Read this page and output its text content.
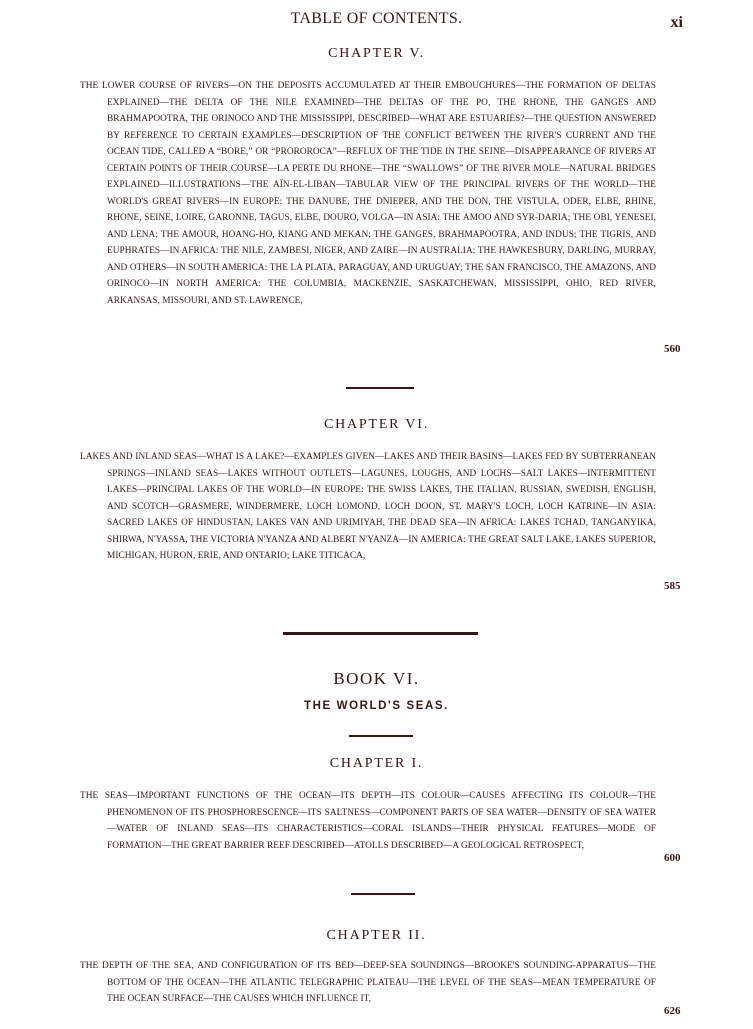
TABLE OF CONTENTS.	xi
CHAPTER V.

THE LOWER COURSE OF RIVERS—ON THE DEPOSITS ACCUMULATED AT THEIR EMBOUCHURES—THE FORMATION OF DELTAS EXPLAINED—THE DELTA OF THE NILE EXAMINED—THE DELTAS OF THE PO, THE RHONE, THE GANGES AND BRAHMAPOOTRA, THE ORINOCO AND THE MISSISSIPPI, DESCRIBED—WHAT ARE ESTUARIES?—THE QUESTION ANSWERED BY REFERENCE TO CERTAIN EXAMPLES—DESCRIPTION OF THE CONFLICT BETWEEN THE RIVER'S CURRENT AND THE OCEAN TIDE, CALLED A “BORE,” OR “PROROROCA”—REFLUX OF THE TIDE IN THE SEINE—DISAPPEARANCE OF RIVERS AT CERTAIN POINTS OF THEIR COURSE—LA PERTE DU RHONE—THE “SWALLOWS” OF THE RIVER MOLE—NATURAL BRIDGES EXPLAINED—ILLUSTRATIONS—THE AÏN-EL-LIBAN—TABULAR VIEW OF THE PRINCIPAL RIVERS OF THE WORLD—THE WORLD'S GREAT RIVERS—IN EUROPE: THE DANUBE, THE DNIEPER, AND THE DON, THE VISTULA, ODER, ELBE, RHINE, RHONE, SEINE, LOIRE, GARONNE, TAGUS, ELBE, DOURO, VOLGA—IN ASIA: THE AMOO AND SYR-DARIA; THE OBI, YENESEI, AND LENA; THE AMOUR, HOANG-HO, KIANG AND MEKAN: THE GANGES, BRAHMAPOOTRA, AND INDUS; THE TIGRIS, AND EUPHRATES—IN AFRICA: THE NILE, ZAMBESI, NIGER, AND ZAIRE—IN AUSTRALIA: THE HAWKESBURY, DARLING, MURRAY, AND OTHERS—IN SOUTH AMERICA: THE LA PLATA, PARAGUAY, AND URUGUAY; THE SAN FRANCISCO, THE AMAZONS, AND ORINOCO—IN NORTH AMERICA: THE COLUMBIA, MACKENZIE, SASKATCHEWAN, MISSISSIPPI, OHIO, RED RIVER, ARKANSAS, MISSOURI, AND ST. LAWRENCE,

560
CHAPTER VI.

LAKES AND INLAND SEAS—WHAT IS A LAKE?—EXAMPLES GIVEN—LAKES AND THEIR BASINS—LAKES FED BY SUBTERRANEAN SPRINGS—INLAND SEAS—LAKES WITHOUT OUTLETS—LAGUNES, LOUGHS, AND LOCHS—SALT LAKES—INTERMITTENT LAKES—PRINCIPAL LAKES OF THE WORLD—IN EUROPE: THE SWISS LAKES, THE ITALIAN, RUSSIAN, SWEDISH, ENGLISH, AND SCOTCH—GRASMERE, WINDERMERE, LOCH LOMOND, LOCH DOON, ST. MARY'S LOCH, LOCH KATRINE—IN ASIA: SACRED LAKES OF HINDUSTAN, LAKES VAN AND URIMIYAH, THE DEAD SEA—IN AFRICA: LAKES TCHAD, TANGANYIKA, SHIRWA, N'YASSA, THE VICTORIA N'YANZA AND ALBERT N'YANZA—IN AMERICA: THE GREAT SALT LAKE, LAKES SUPERIOR, MICHIGAN, HURON, ERIE, AND ONTARIO; LAKE TITICACA,

585
BOOK VI.
THE WORLD'S SEAS.
CHAPTER I.

THE SEAS—IMPORTANT FUNCTIONS OF THE OCEAN—ITS DEPTH—ITS COLOUR—CAUSES AFFECTING ITS COLOUR—THE PHENOMENON OF ITS PHOSPHORESCENCE—ITS SALTNESS—COMPONENT PARTS OF SEA WATER—DENSITY OF SEA WATER—WATER OF INLAND SEAS—ITS CHARACTERISTICS—CORAL ISLANDS—THEIR PHYSICAL FEATURES—MODE OF FORMATION—THE GREAT BARRIER REEF DESCRIBED—ATOLLS DESCRIBED—A GEOLOGICAL RETROSPECT,

600
CHAPTER II.

THE DEPTH OF THE SEA, AND CONFIGURATION OF ITS BED—DEEP-SEA SOUNDINGS—BROOKE'S SOUNDING-APPARATUS—THE BOTTOM OF THE OCEAN—THE ATLANTIC TELEGRAPHIC PLATEAU—THE LEVEL OF THE SEAS—MEAN TEMPERATURE OF THE OCEAN SURFACE—THE CAUSES WHICH INFLUENCE IT,

626
